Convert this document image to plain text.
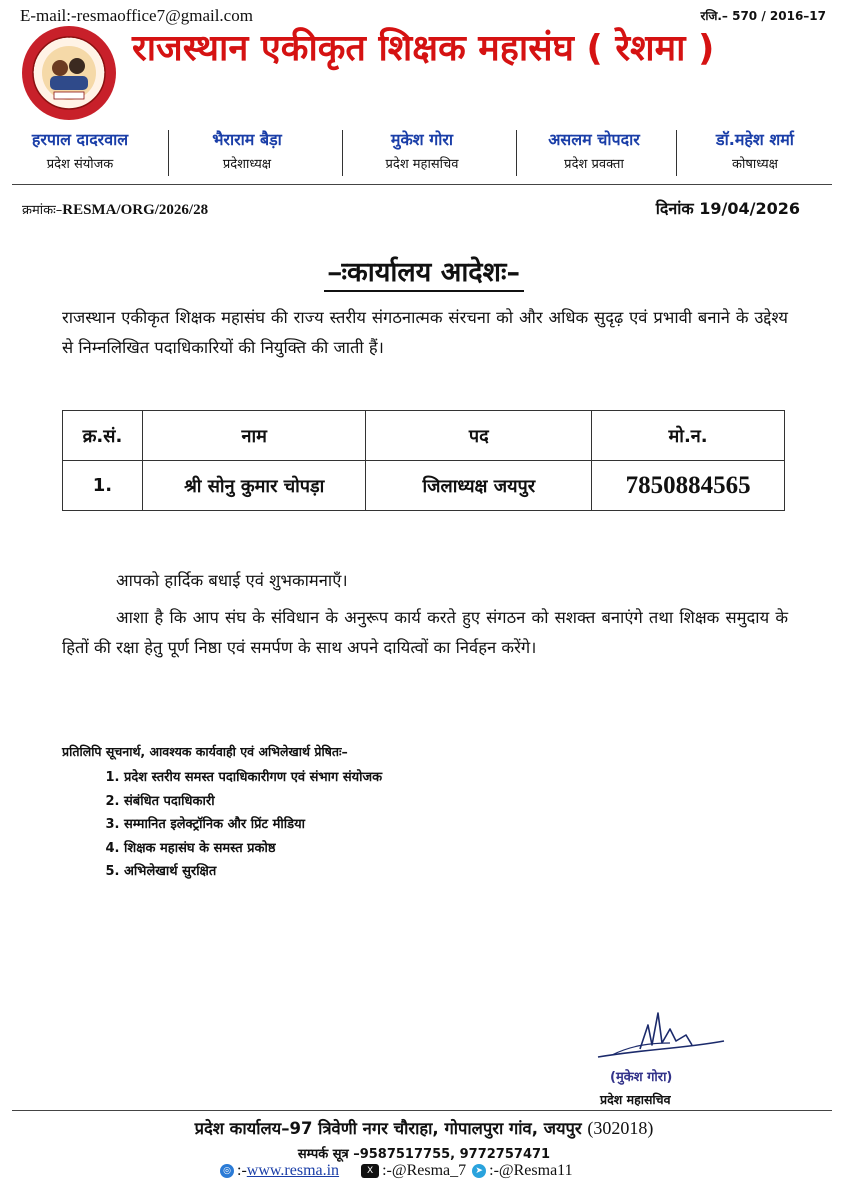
E-mail:-resmaoffice7@gmail.com	रजि.– 570 / 2016–17
राजस्थान एकीकृत शिक्षक महासंघ ( रेशमा )
हरपाल दादरवाल
प्रदेश संयोजक
भैराराम बैड़ा
प्रदेशाध्यक्ष
मुकेश गोरा
प्रदेश महासचिव
असलम चोपदार
प्रदेश प्रवक्ता
डॉ.महेश शर्मा
कोषाध्यक्ष
क्रमांकः–RESMA/ORG/2026/28	दिनांक 19/04/2026
–ःकार्यालय आदेशः–
राजस्थान एकीकृत शिक्षक महासंघ की राज्य स्तरीय संगठनात्मक संरचना को और अधिक सुदृढ़ एवं प्रभावी बनाने के उद्देश्य से निम्नलिखित पदाधिकारियों की नियुक्ति की जाती हैं।
क्र.सं.	नाम	पद	मो.न.
1.	श्री सोनु कुमार चोपड़ा	जिलाध्यक्ष जयपुर	7850884565
आपको हार्दिक बधाई एवं शुभकामनाएँ।
आशा है कि आप संघ के संविधान के अनुरूप कार्य करते हुए संगठन को सशक्त बनाएंगे तथा शिक्षक समुदाय के हितों की रक्षा हेतु पूर्ण निष्ठा एवं समर्पण के साथ अपने दायित्वों का निर्वहन करेंगे।
प्रतिलिपि सूचनार्थ, आवश्यक कार्यवाही एवं अभिलेखार्थ प्रेषितः–
1. प्रदेश स्तरीय समस्त पदाधिकारीगण एवं संभाग संयोजक
2. संबंधित पदाधिकारी
3. सम्मानित इलेक्ट्रॉनिक और प्रिंट मीडिया
4. शिक्षक महासंघ के समस्त प्रकोष्ठ
5. अभिलेखार्थ सुरक्षित
(मुकेश गोरा)
प्रदेश महासचिव
प्रदेश कार्यालय–97 त्रिवेणी नगर चौराहा, गोपालपुरा गांव, जयपुर (302018)
सम्पर्क सूत्र –9587517755, 9772757471
◎ :- www.resma.in	X :-@Resma_7	➤ :-@Resma11
